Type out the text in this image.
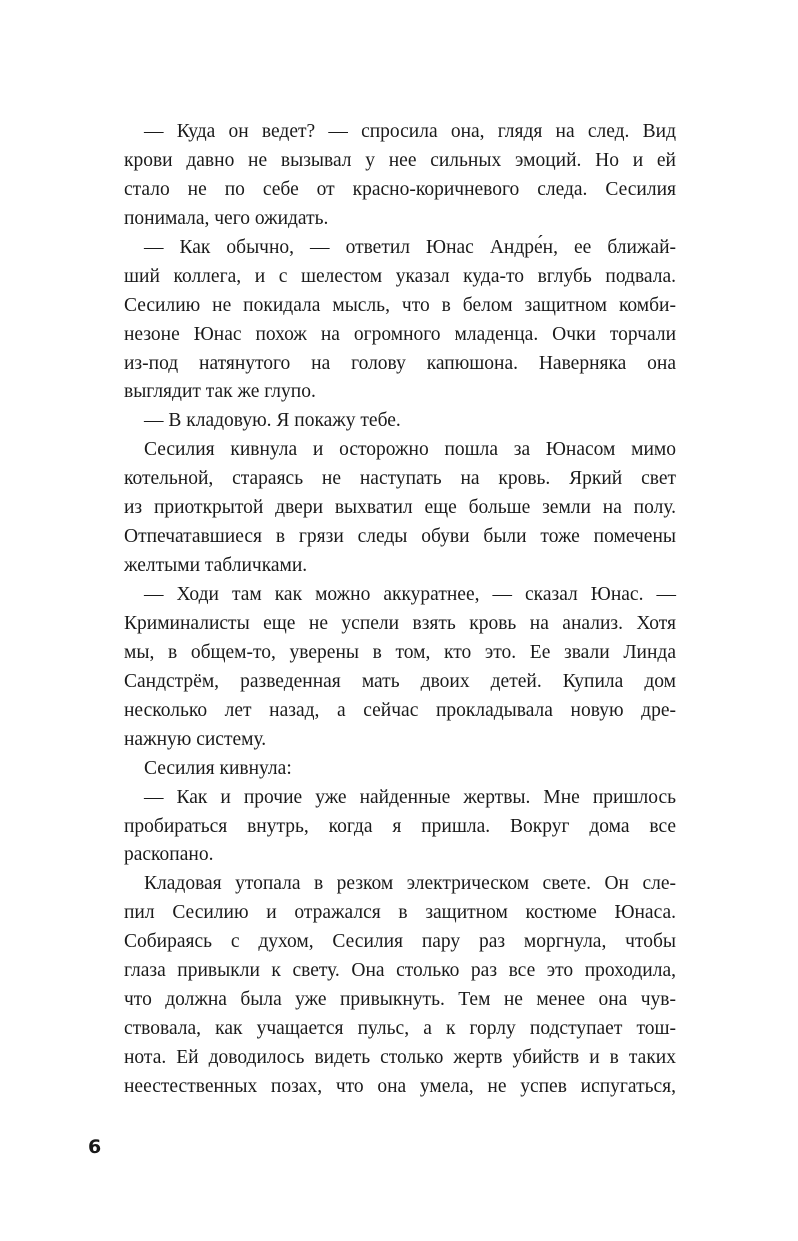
— Куда он ведет? — спросила она, глядя на след. Вид
крови давно не вызывал у нее сильных эмоций. Но и ей
стало не по себе от красно-коричневого следа. Сесилия
понимала, чего ожидать.
— Как обычно, — ответил Юнас Андре́н, ее ближай-
ший коллега, и с шелестом указал куда-то вглубь подвала.
Сесилию не покидала мысль, что в белом защитном комби-
незоне Юнас похож на огромного младенца. Очки торчали
из-под натянутого на голову капюшона. Наверняка она
выглядит так же глупо.
— В кладовую. Я покажу тебе.
Сесилия кивнула и осторожно пошла за Юнасом мимо
котельной, стараясь не наступать на кровь. Яркий свет
из приоткрытой двери выхватил еще больше земли на полу.
Отпечатавшиеся в грязи следы обуви были тоже помечены
желтыми табличками.
— Ходи там как можно аккуратнее, — сказал Юнас. —
Криминалисты еще не успели взять кровь на анализ. Хотя
мы, в общем-то, уверены в том, кто это. Ее звали Линда
Сандстрём, разведенная мать двоих детей. Купила дом
несколько лет назад, а сейчас прокладывала новую дре-
нажную систему.
Сесилия кивнула:
— Как и прочие уже найденные жертвы. Мне пришлось
пробираться внутрь, когда я пришла. Вокруг дома все
раскопано.
Кладовая утопала в резком электрическом свете. Он сле-
пил Сесилию и отражался в защитном костюме Юнаса.
Собираясь с духом, Сесилия пару раз моргнула, чтобы
глаза привыкли к свету. Она столько раз все это проходила,
что должна была уже привыкнуть. Тем не менее она чув-
ствовала, как учащается пульс, а к горлу подступает тош-
нота. Ей доводилось видеть столько жертв убийств и в таких
неестественных позах, что она умела, не успев испугаться,
6
